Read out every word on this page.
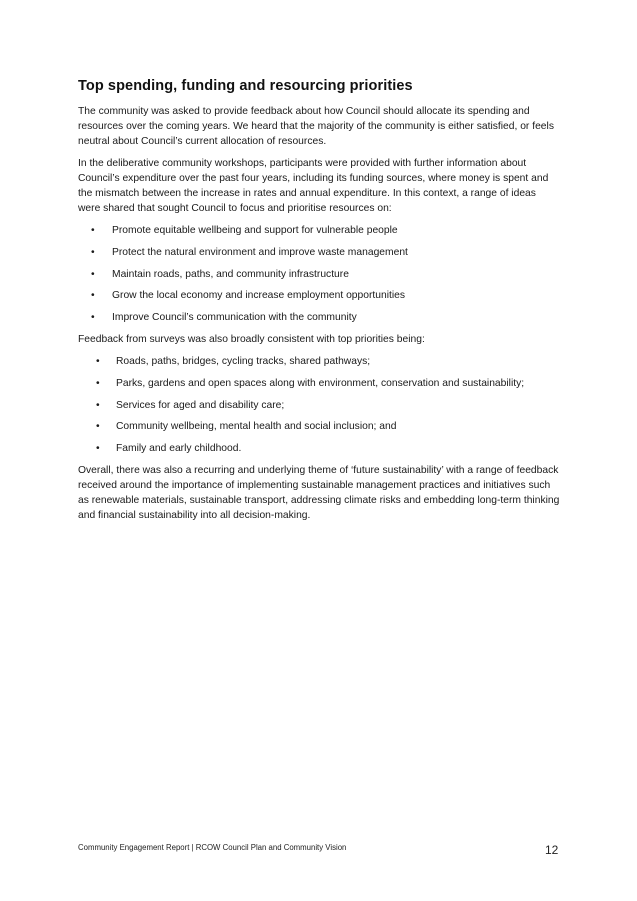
Top spending, funding and resourcing priorities

The community was asked to provide feedback about how Council should allocate its spending and resources over the coming years. We heard that the majority of the community is either satisfied, or feels neutral about Council’s current allocation of resources.

In the deliberative community workshops, participants were provided with further information about Council’s expenditure over the past four years, including its funding sources, where money is spent and the mismatch between the increase in rates and annual expenditure. In this context, a range of ideas were shared that sought Council to focus and prioritise resources on:

• Promote equitable wellbeing and support for vulnerable people
• Protect the natural environment and improve waste management
• Maintain roads, paths, and community infrastructure
• Grow the local economy and increase employment opportunities
• Improve Council’s communication with the community

Feedback from surveys was also broadly consistent with top priorities being:

• Roads, paths, bridges, cycling tracks, shared pathways;
• Parks, gardens and open spaces along with environment, conservation and sustainability;
• Services for aged and disability care;
• Community wellbeing, mental health and social inclusion; and
• Family and early childhood.

Overall, there was also a recurring and underlying theme of ‘future sustainability’ with a range of feedback received around the importance of implementing sustainable management practices and initiatives such as renewable materials, sustainable transport, addressing climate risks and embedding long-term thinking and financial sustainability into all decision-making.

Community Engagement Report | RCOW Council Plan and Community Vision	12
